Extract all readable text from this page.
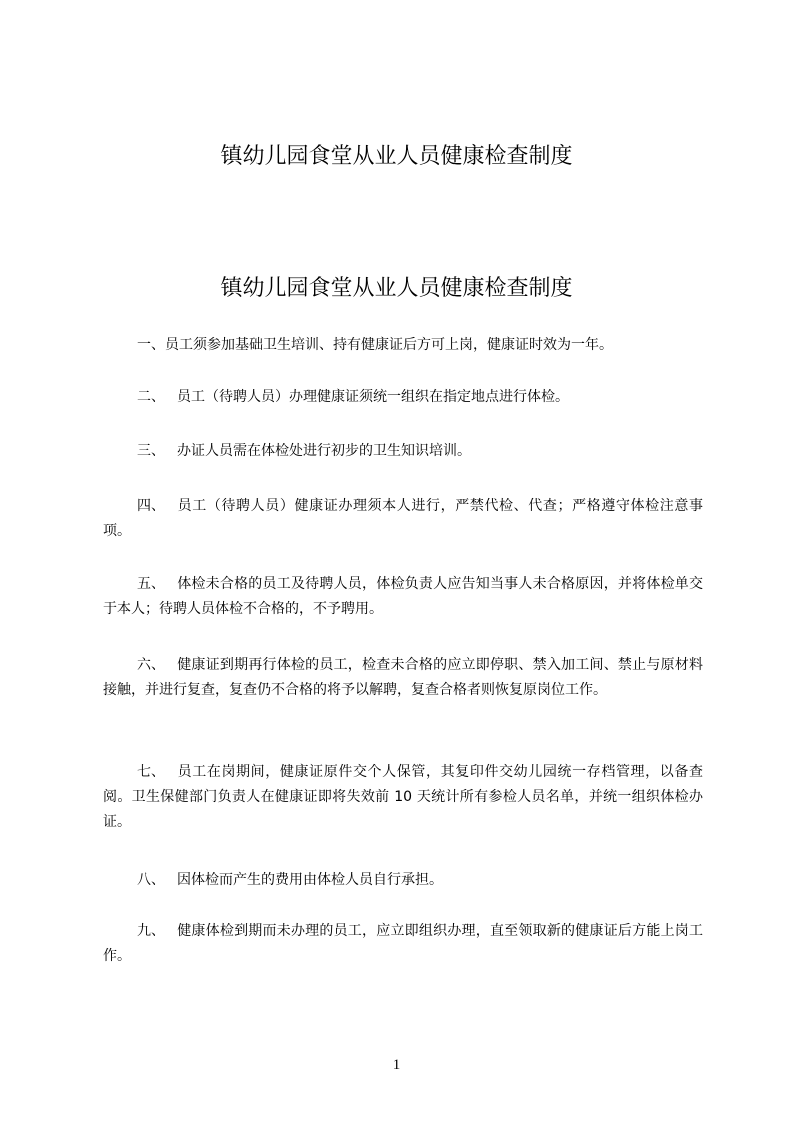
镇幼儿园食堂从业人员健康检查制度
镇幼儿园食堂从业人员健康检查制度

一、员工须参加基础卫生培训、持有健康证后方可上岗，健康证时效为一年。

二、 员工（待聘人员）办理健康证须统一组织在指定地点进行体检。

三、 办证人员需在体检处进行初步的卫生知识培训。

四、 员工（待聘人员）健康证办理须本人进行，严禁代检、代查；严格遵守体检注意事项。

五、 体检未合格的员工及待聘人员，体检负责人应告知当事人未合格原因，并将体检单交于本人；待聘人员体检不合格的，不予聘用。

六、 健康证到期再行体检的员工，检查未合格的应立即停职、禁入加工间、禁止与原材料接触，并进行复查，复查仍不合格的将予以解聘，复查合格者则恢复原岗位工作。

七、 员工在岗期间，健康证原件交个人保管，其复印件交幼儿园统一存档管理，以备查阅。卫生保健部门负责人在健康证即将失效前 10 天统计所有参检人员名单，并统一组织体检办证。

八、 因体检而产生的费用由体检人员自行承担。

九、 健康体检到期而未办理的员工，应立即组织办理，直至领取新的健康证后方能上岗工作。

1
